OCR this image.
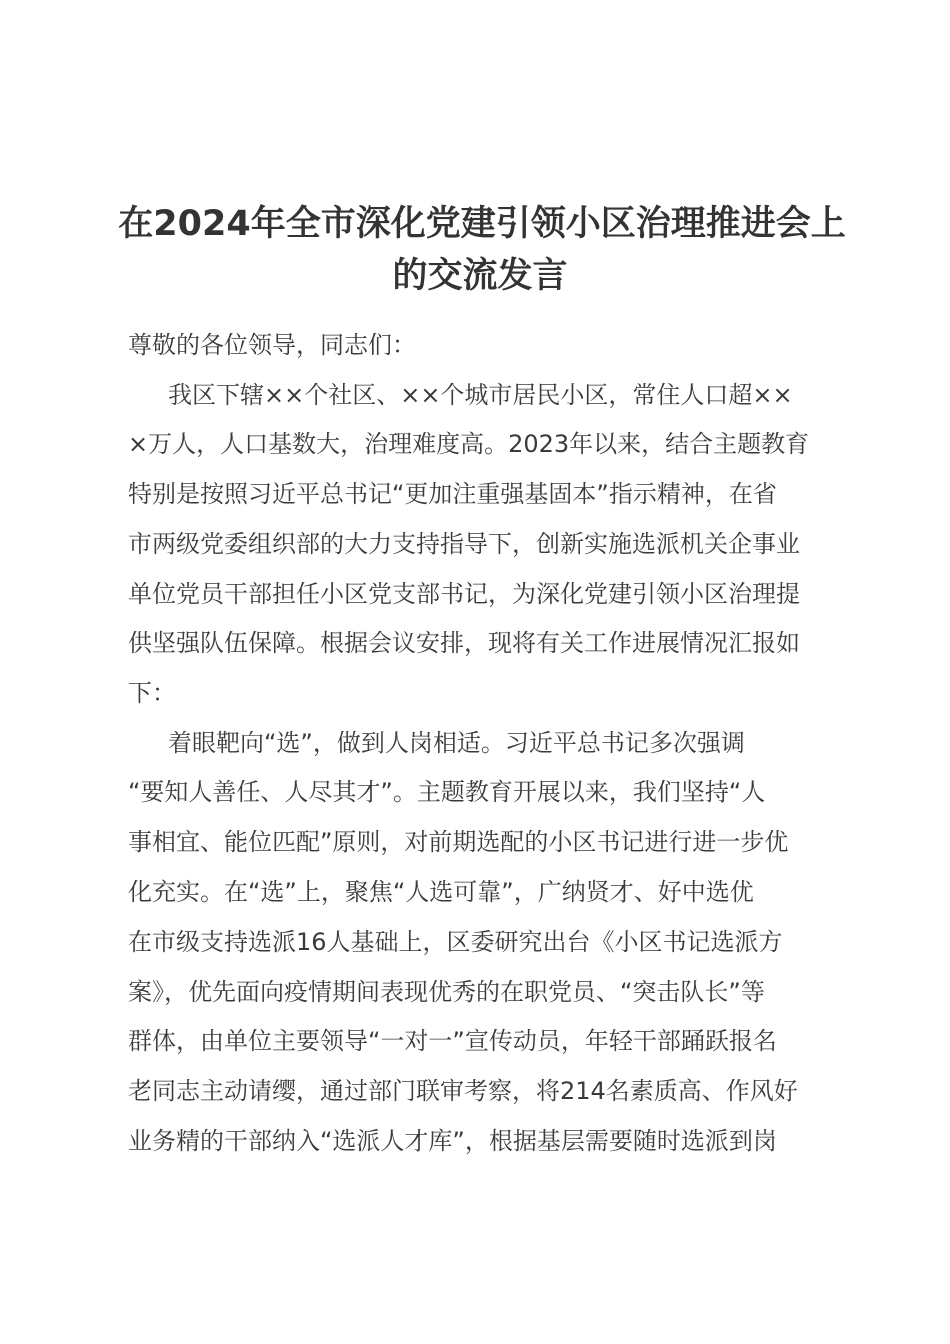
在2024年全市深化党建引领小区治理推进会上
的交流发言
尊敬的各位领导，同志们：
我区下辖××个社区、××个城市居民小区，常住人口超××
×万人，人口基数大，治理难度高。2023年以来，结合主题教育
特别是按照习近平总书记“更加注重强基固本”指示精神，在省
市两级党委组织部的大力支持指导下，创新实施选派机关企事业
单位党员干部担任小区党支部书记，为深化党建引领小区治理提
供坚强队伍保障。根据会议安排，现将有关工作进展情况汇报如
下：
着眼靶向“选”，做到人岗相适。习近平总书记多次强调
“要知人善任、人尽其才”。主题教育开展以来，我们坚持“人
事相宜、能位匹配”原则，对前期选配的小区书记进行进一步优
化充实。在“选”上，聚焦“人选可靠”，广纳贤才、好中选优
在市级支持选派16人基础上，区委研究出台《小区书记选派方
案》，优先面向疫情期间表现优秀的在职党员、“突击队长”等
群体，由单位主要领导“一对一”宣传动员，年轻干部踊跃报名
老同志主动请缨，通过部门联审考察，将214名素质高、作风好
业务精的干部纳入“选派人才库”，根据基层需要随时选派到岗
